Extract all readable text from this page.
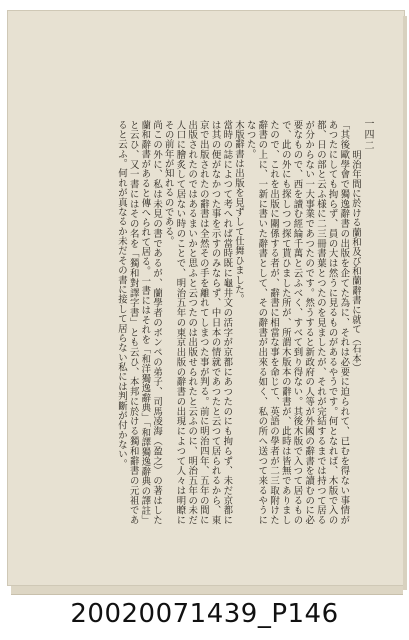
一四二

明治年間に於ける蘭和及び和蘭辭書に就て（石本）

「其後歐學會で獨逸辭書の出版を企てた為に、それは必要に迫られて、已むを得ない事情があつたにしても拘らず、員の大は然うに見るものがあるやうです。何となれば、木版で入の都、日の部と云ふ様に二三冊書葉とつたのを見ましたが、それが完結するまでは持つて居るが分からない一大事業であつたのです。然うすると新政府の人等が外國の辭書を讀むのに必要なもので、西を讀む經綸千萬と云ふべく、すべて到り得ない。其後木版で入つて居るもので、此の外にも探しつつ探て貰ひました所が、所謂木版本の辭書が、此時は皆無でありましたので、これを出版に關係する者が、辭書に相當な事を命じて、英語の學者が二三取附けた辭書の上に、一新に書いた辭書として、その辭書が出來る如く、私の所へ送つて来るやうになつた。

木版辭書は出版を見ずして仕舞ひました。

當時の誌によつて考へれば當時既に龜井文の活字が京都にあつたのにも拘らず、未だ京都には其の便がなかつた事を示すのみならず、中日本の情就であつたと云つて居られるから、東京で出版されたの辭書は全然その手を離れてしまつた事が判る。前に明治四年、五年の間に出版されたのではあるまいかと思ふと云つたのは出版せられたと云ふのに、明治五年の未だ人口に膾炙して居ない時のことで、明治五年の東京出版の辭書の出現によつて人々は明瞭にその前年が知れるのである。

尚この外に、私は未見の書であるが、蘭學者のボンペの弟子、司馬凌海（盈之）の著はした蘭和辭書があると傳へられて居る。一書にはそれを「和洋獨逸辭典」「和譯獨逸辭典の譯註」と云ひ、又一書にはその名を「獨和對譯字書」とも云ひ、本邦に於ける獨和辭書の元祖であると云ふ。何れが真なるか未だその書に接して居らない私には判斷が付かない。

20020071439_P146
